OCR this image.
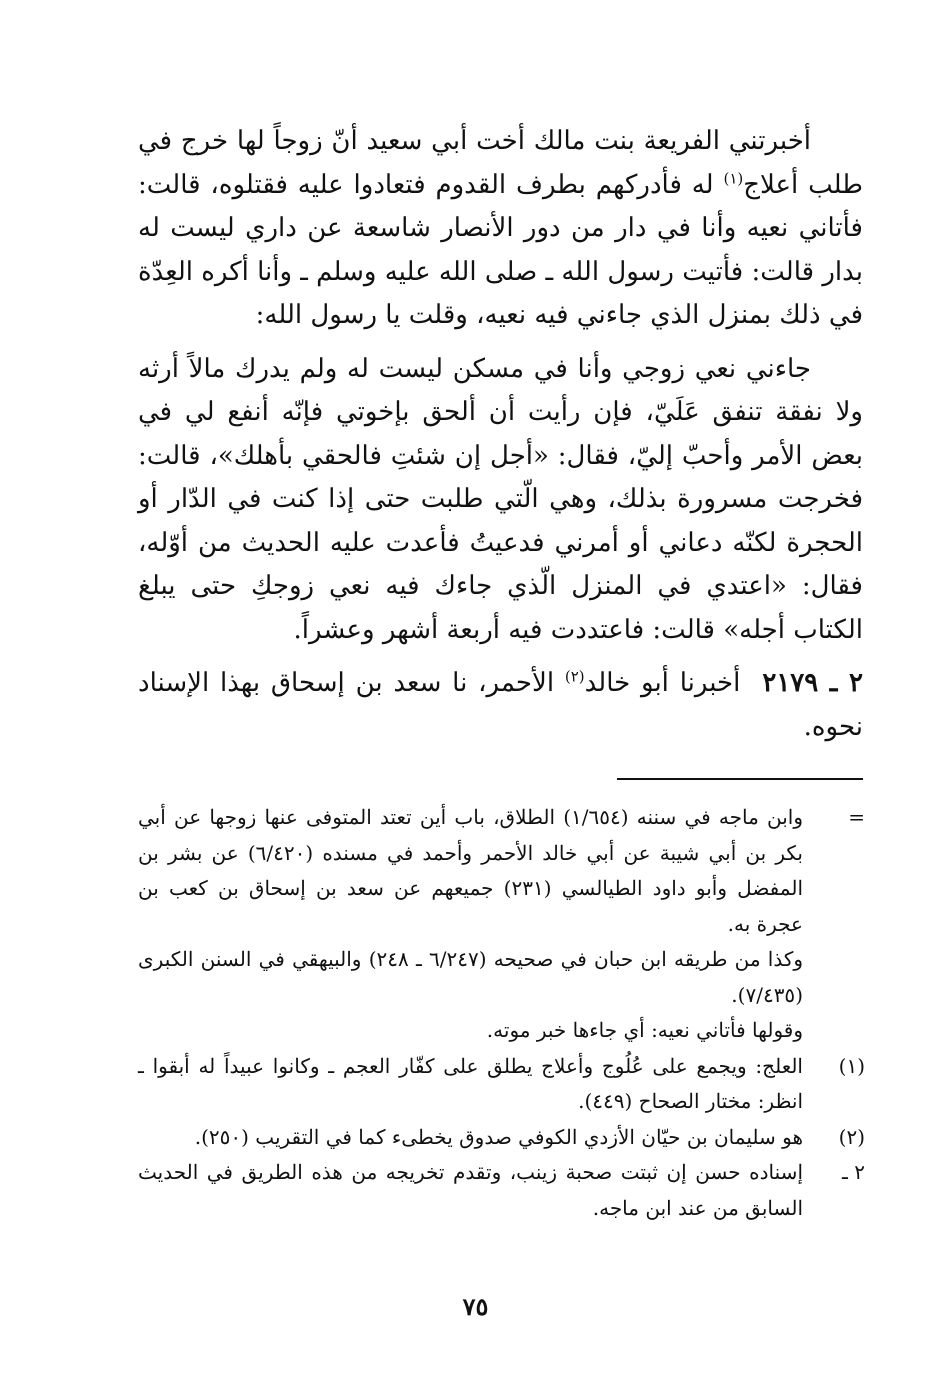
أخبرتني الفريعة بنت مالك أخت أبي سعيد أنّ زوجاً لها خرج في طلب أعلاج$^{(١)}$ له فأدركهم بطرف القدوم فتعادوا عليه فقتلوه، قالت: فأتاني نعيه وأنا في دار من دور الأنصار شاسعة عن داري ليست له بدار قالت: فأتيت رسول الله ـ صلى الله عليه وسلم ـ وأنا أكره العِدّة في ذلك بمنزل الذي جاءني فيه نعيه، وقلت يا رسول الله:

جاءني نعي زوجي وأنا في مسكن ليست له ولم يدرك مالاً أرثه ولا نفقة تنفق عَلَيّ، فإن رأيت أن ألحق بإخوتي فإنّه أنفع لي في بعض الأمر وأحبّ إليّ، فقال: «أجل إن شئتِ فالحقي بأهلك»، قالت: فخرجت مسرورة بذلك، وهي الّتي طلبت حتى إذا كنت في الدّار أو الحجرة لكنّه دعاني أو أمرني فدعيتُ فأعدت عليه الحديث من أوّله، فقال: «اعتدي في المنزل الّذي جاءك فيه نعي زوجكِ حتى يبلغ الكتاب أجله» قالت: فاعتددت فيه أربعة أشهر وعشراً.

٢ ـ ٢١٧٩أخبرنا أبو خالد$^{(٢)}$ الأحمر، نا سعد بن إسحاق بهذا الإسناد نحوه.

=
وابن ماجه في سننه (١/٦٥٤) الطلاق، باب أين تعتد المتوفى عنها زوجها عن أبي بكر بن أبي شيبة عن أبي خالد الأحمر وأحمد في مسنده (٦/٤٢٠) عن بشر بن المفضل وأبو داود الطيالسي (٢٣١) جميعهم عن سعد بن إسحاق بن كعب بن عجرة به.
وكذا من طريقه ابن حبان في صحيحه (٦/٢٤٧ ـ ٢٤٨) والبيهقي في السنن الكبرى (٧/٤٣٥).
وقولها فأتاني نعيه: أي جاءها خبر موته.
(١)
العلج: ويجمع على عُلُوج وأعلاج يطلق على كفّار العجم ـ وكانوا عبيداً له أبقوا ـ انظر: مختار الصحاح (٤٤٩).
(٢)
هو سليمان بن حيّان الأزدي الكوفي صدوق يخطىء كما في التقريب (٢٥٠).
٢ ـ
إسناده حسن إن ثبتت صحبة زينب، وتقدم تخريجه من هذه الطريق في الحديث السابق من عند ابن ماجه.
٧٥
